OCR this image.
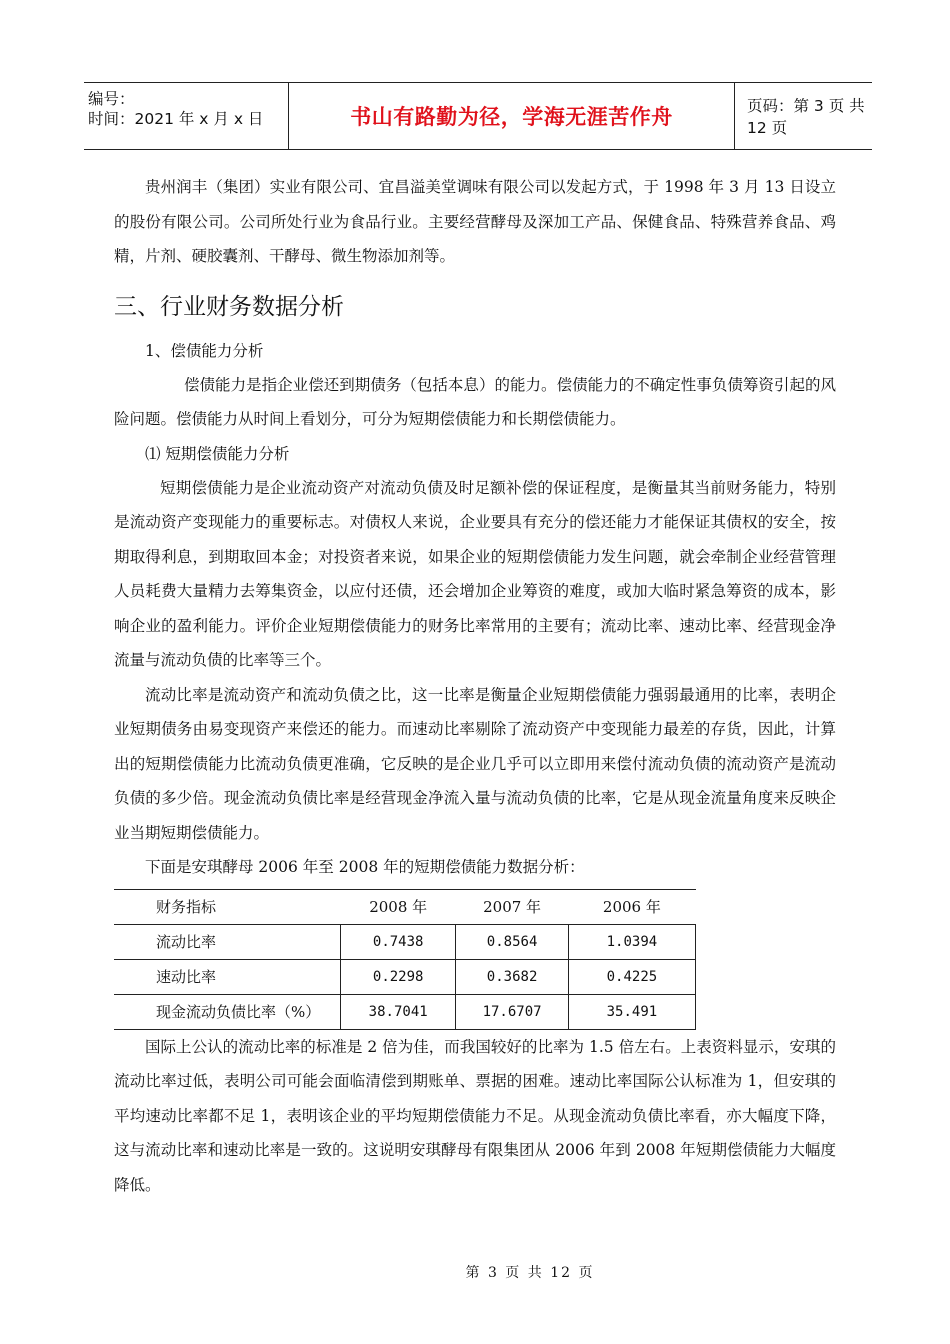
编号：
时间：2021 年 x 月 x 日	书山有路勤为径，学海无涯苦作舟	页码：第 3 页 共 12 页

贵州润丰（集团）实业有限公司、宜昌溢美堂调味有限公司以发起方式，于 1998 年 3 月 13 日设立的股份有限公司。公司所处行业为食品行业。主要经营酵母及深加工产品、保健食品、特殊营养食品、鸡精，片剂、硬胶囊剂、干酵母、微生物添加剂等。

三、行业财务数据分析

1、偿债能力分析

偿债能力是指企业偿还到期债务（包括本息）的能力。偿债能力的不确定性事负债筹资引起的风险问题。偿债能力从时间上看划分，可分为短期偿债能力和长期偿债能力。

⑴ 短期偿债能力分析

短期偿债能力是企业流动资产对流动负债及时足额补偿的保证程度，是衡量其当前财务能力，特别是流动资产变现能力的重要标志。对债权人来说，企业要具有充分的偿还能力才能保证其债权的安全，按期取得利息，到期取回本金；对投资者来说，如果企业的短期偿债能力发生问题，就会牵制企业经营管理人员耗费大量精力去筹集资金，以应付还债，还会增加企业筹资的难度，或加大临时紧急筹资的成本，影响企业的盈利能力。评价企业短期偿债能力的财务比率常用的主要有；流动比率、速动比率、经营现金净流量与流动负债的比率等三个。

流动比率是流动资产和流动负债之比，这一比率是衡量企业短期偿债能力强弱最通用的比率，表明企业短期债务由易变现资产来偿还的能力。而速动比率剔除了流动资产中变现能力最差的存货，因此，计算出的短期偿债能力比流动负债更准确，它反映的是企业几乎可以立即用来偿付流动负债的流动资产是流动负债的多少倍。现金流动负债比率是经营现金净流入量与流动负债的比率，它是从现金流量角度来反映企业当期短期偿债能力。

下面是安琪酵母 2006 年至 2008 年的短期偿债能力数据分析：

财务指标	2008 年	2007 年	2006 年
流动比率	0.7438	0.8564	1.0394
速动比率	0.2298	0.3682	0.4225
现金流动负债比率（%）	38.7041	17.6707	35.491

国际上公认的流动比率的标准是 2 倍为佳，而我国较好的比率为 1.5 倍左右。上表资料显示，安琪的流动比率过低，表明公司可能会面临清偿到期账单、票据的困难。速动比率国际公认标准为 1，但安琪的平均速动比率都不足 1，表明该企业的平均短期偿债能力不足。从现金流动负债比率看，亦大幅度下降，这与流动比率和速动比率是一致的。这说明安琪酵母有限集团从 2006 年到 2008 年短期偿债能力大幅度降低。

第 3 页 共 12 页
